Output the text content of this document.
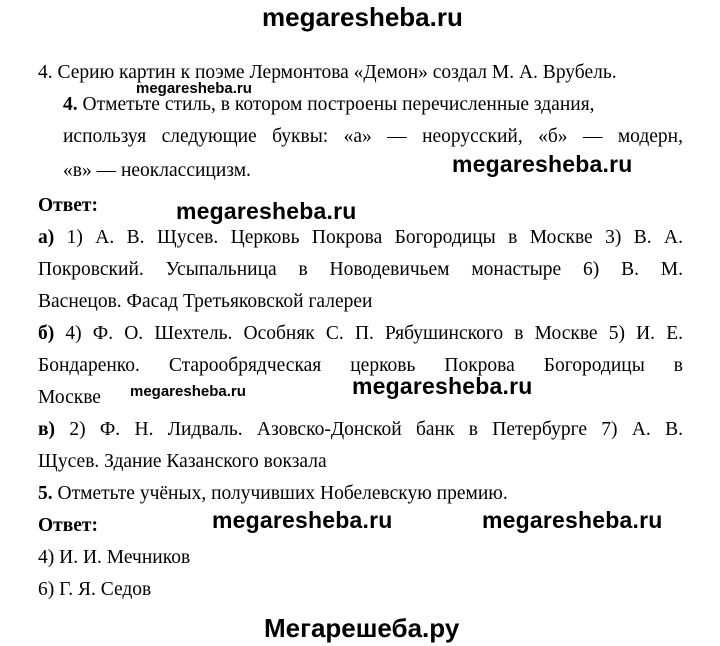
megaresheba.ru
4. Серию картин к поэме Лермонтова «Демон» создал М. А. Врубель.
4. Отметьте стиль, в котором построены перечисленные здания,
используя следующие буквы: «а» — неорусский, «б» — модерн,
«в» — неоклассицизм.
Ответ:
а) 1) А. В. Щусев. Церковь Покрова Богородицы в Москве 3) В. А.
Покровский. Усыпальница в Новодевичьем монастыре 6) В. М.
Васнецов. Фасад Третьяковской галереи
б) 4) Ф. О. Шехтель. Особняк С. П. Рябушинского в Москве 5) И. Е.
Бондаренко. Старообрядческая церковь Покрова Богородицы в
Москве
в) 2) Ф. Н. Лидваль. Азовско-Донской банк в Петербурге 7) А. В.
Щусев. Здание Казанского вокзала
5. Отметьте учёных, получивших Нобелевскую премию.
Ответ:
4) И. И. Мечников
6) Г. Я. Седов
megaresheba.ru
megaresheba.ru
megaresheba.ru
megaresheba.ru	megaresheba.ru
megaresheba.ru	megaresheba.ru
Мегарешеба.ру
